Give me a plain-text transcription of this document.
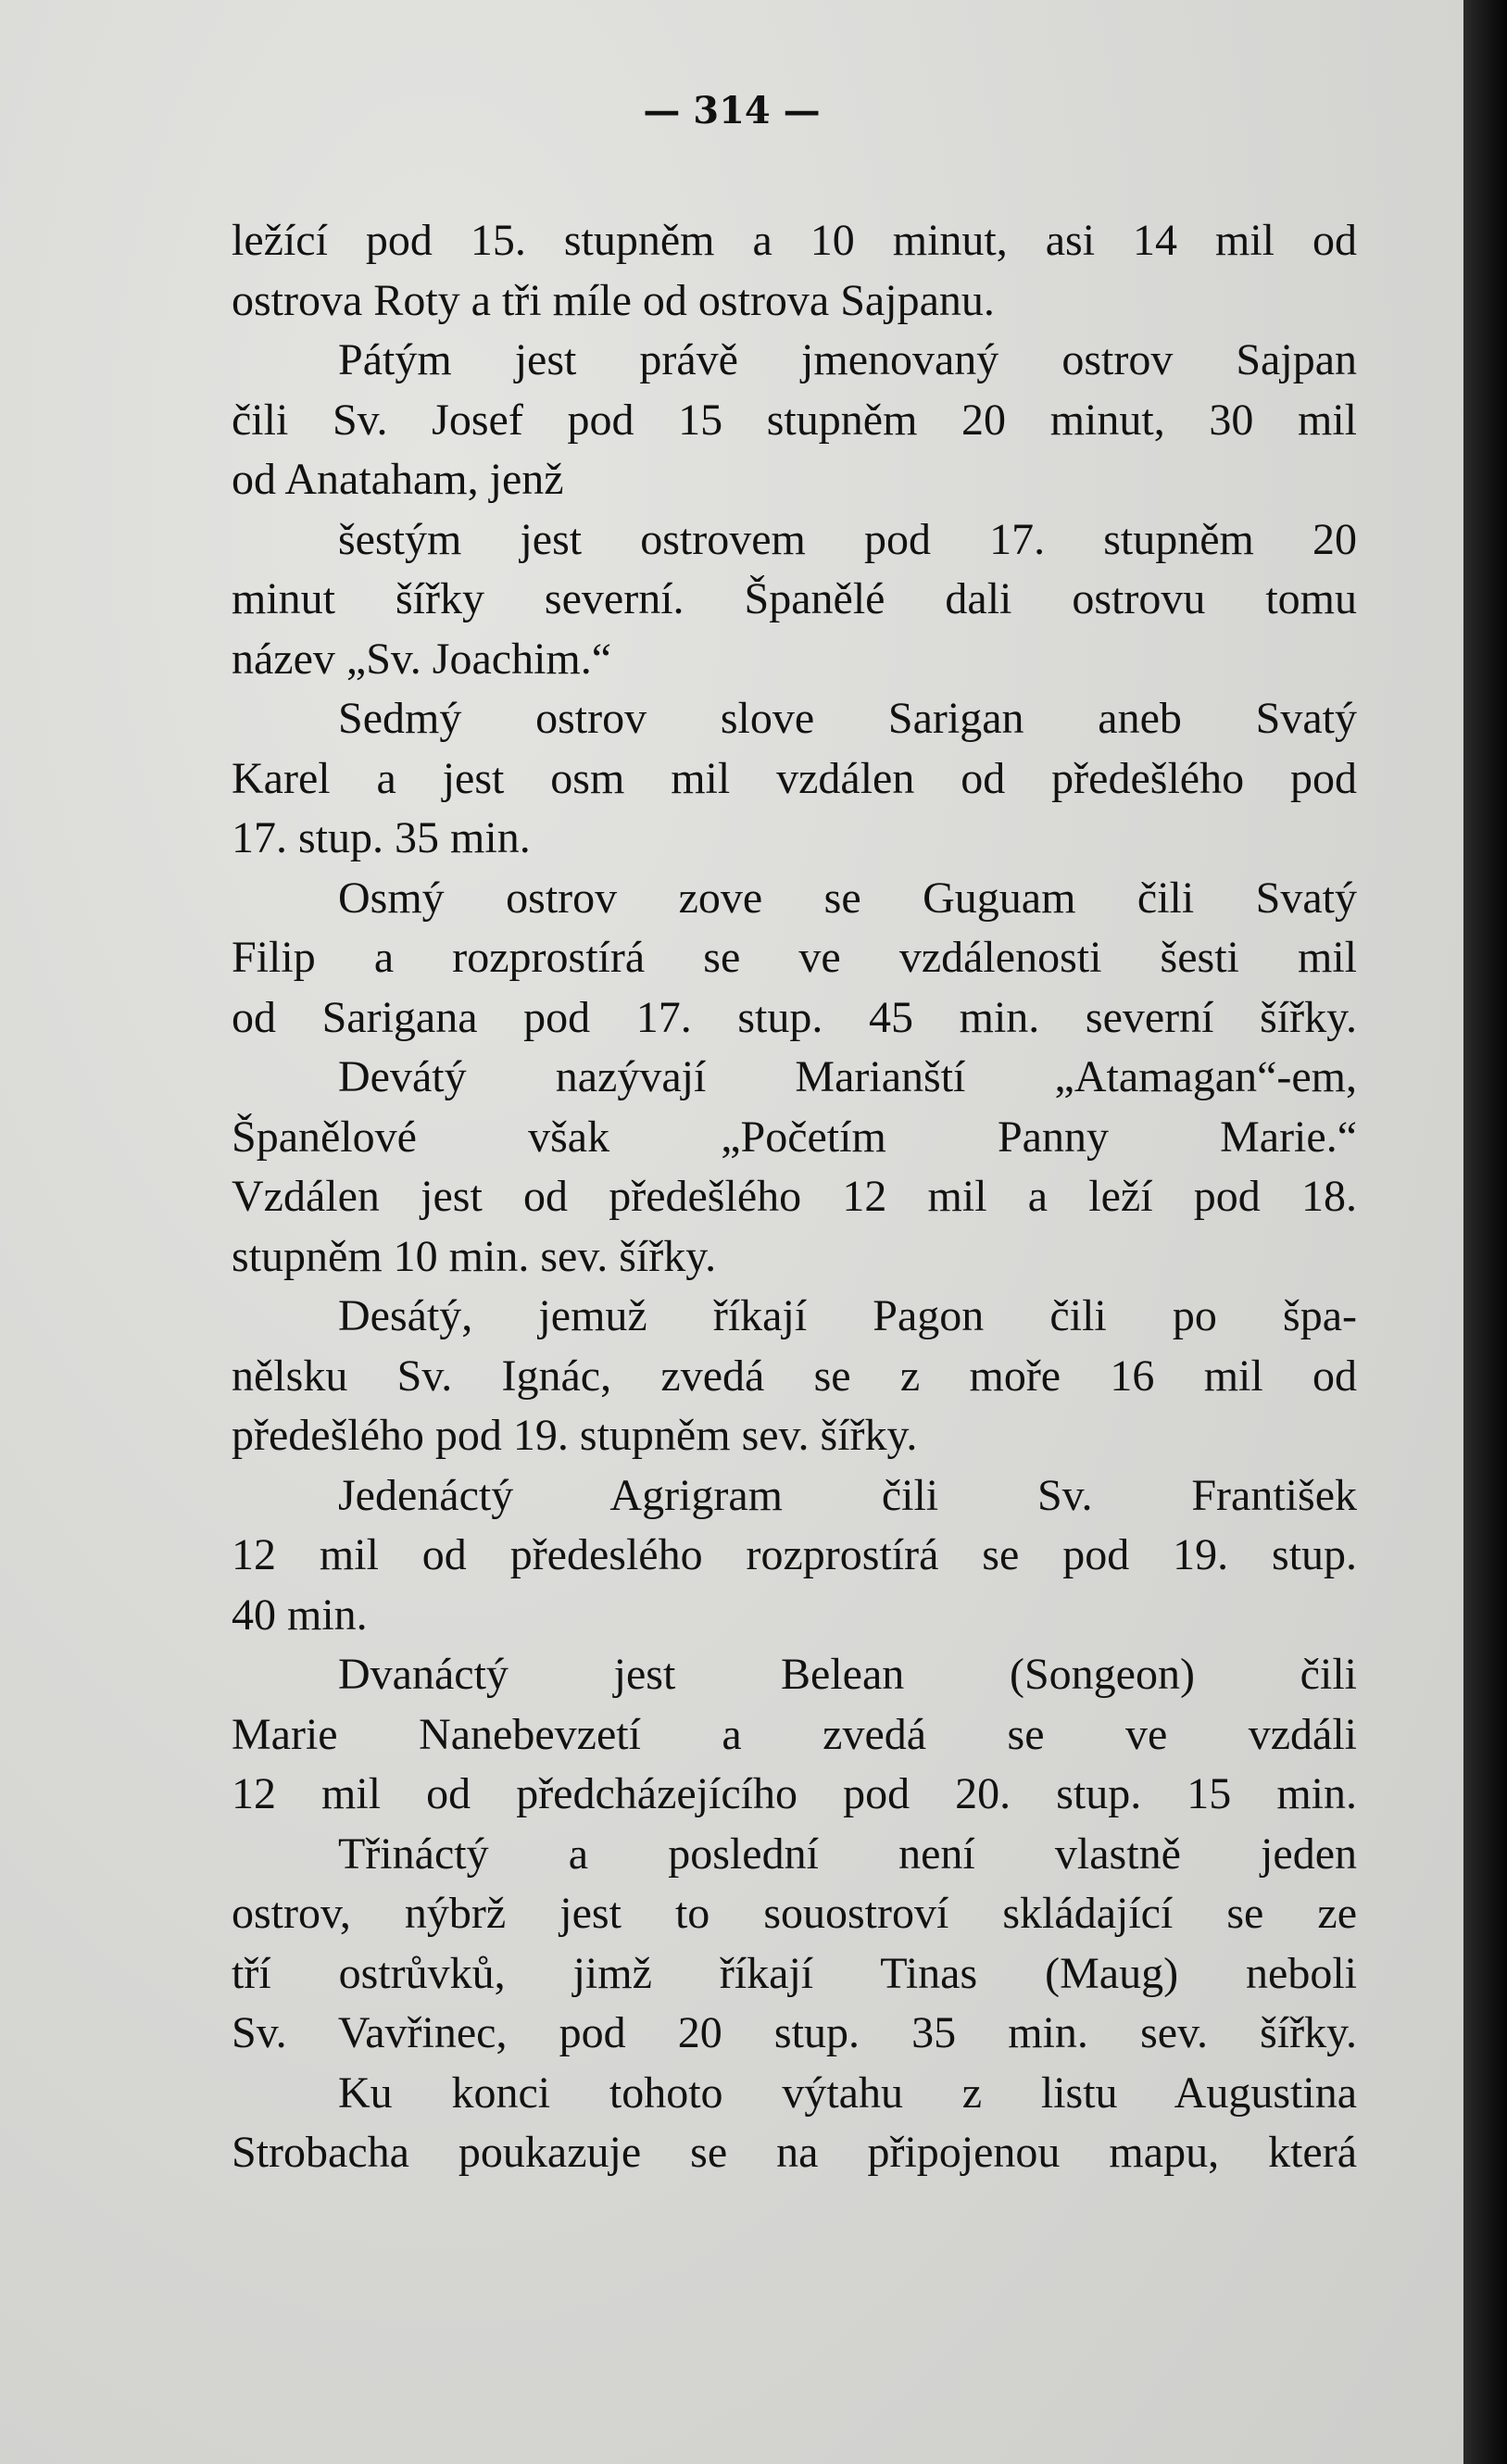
— 314 —
ležící pod 15. stupněm a 10 minut, asi 14 mil od
ostrova Roty a tři míle od ostrova Sajpanu.
Pátým jest právě jmenovaný ostrov Sajpan
čili Sv. Josef pod 15 stupněm 20 minut, 30 mil
od Anataham, jenž
šestým jest ostrovem pod 17. stupněm 20
minut šířky severní. Španělé dali ostrovu tomu
název „Sv. Joachim.“
Sedmý ostrov slove Sarigan aneb Svatý
Karel a jest osm mil vzdálen od předešlého pod
17. stup. 35 min.
Osmý ostrov zove se Guguam čili Svatý
Filip a rozprostírá se ve vzdálenosti šesti mil
od Sarigana pod 17. stup. 45 min. severní šířky.
Devátý nazývají Marianští „Atamagan“-em,
Španělové však „Početím Panny Marie.“
Vzdálen jest od předešlého 12 mil a leží pod 18.
stupněm 10 min. sev. šířky.
Desátý, jemuž říkají Pagon čili po špa-
nělsku Sv. Ignác, zvedá se z moře 16 mil od
předešlého pod 19. stupněm sev. šířky.
Jedenáctý Agrigram čili Sv. František
12 mil od předeslého rozprostírá se pod 19. stup.
40 min.
Dvanáctý jest Belean (Songeon) čili
Marie Nanebevzetí a zvedá se ve vzdáli
12 mil od předcházejícího pod 20. stup. 15 min.
Třináctý a poslední není vlastně jeden
ostrov, nýbrž jest to souostroví skládající se ze
tří ostrůvků, jimž říkají Tinas (Maug) neboli
Sv. Vavřinec, pod 20 stup. 35 min. sev. šířky.
Ku konci tohoto výtahu z listu Augustina
Strobacha poukazuje se na připojenou mapu, která
